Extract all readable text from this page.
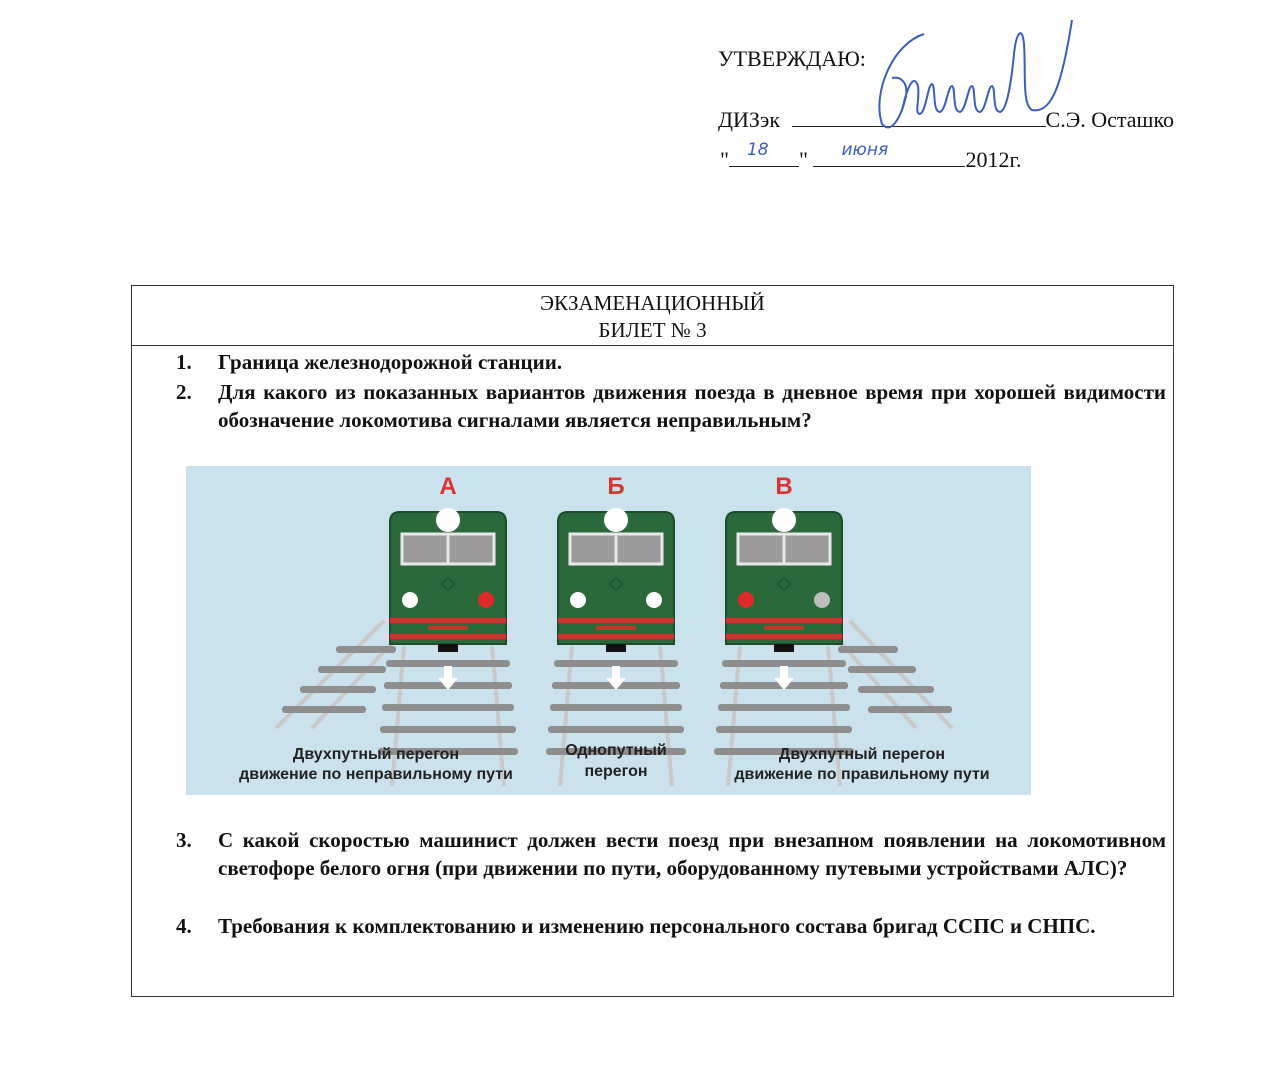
УТВЕРЖДАЮ:
ДИЗэк	С.Э. Осташко
" 18 " июня	2012г.
ЭКЗАМЕНАЦИОННЫЙ
БИЛЕТ № 3
1. Граница железнодорожной станции.
2. Для какого из показанных вариантов движения поезда в дневное время при хорошей видимости обозначение локомотива сигналами является неправильным?
А
Двухпутный перегон
движение по неправильному пути
Б
Однопутный
перегон
В
Двухпутный перегон
движение по правильному пути
3. С какой скоростью машинист должен вести поезд при внезапном появлении на локомотивном светофоре белого огня (при движении по пути, оборудованному путевыми устройствами АЛС)?
4. Требования к комплектованию и изменению персонального состава бригад ССПС и СНПС.
